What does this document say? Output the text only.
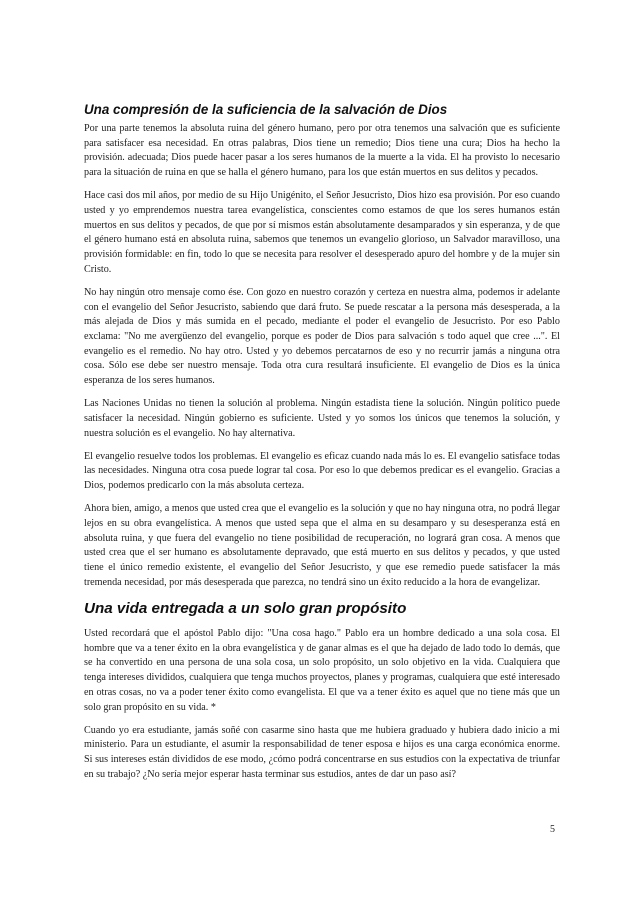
Una compresión de la suficiencia de la salvación de Dios

Por una parte tenemos la absoluta ruina del género humano, pero por otra tenemos una salvación que es suficiente para satisfacer esa necesidad. En otras palabras, Dios tiene un remedio; Dios tiene una cura; Dios ha hecho la provisión. adecuada; Dios puede hacer pasar a los seres humanos de la muerte a la vida. El ha provisto lo necesario para la situación de ruina en que se halla el género humano, para los que están muertos en sus delitos y pecados.

Hace casi dos mil años, por medio de su Hijo Unigénito, el Señor Jesucristo, Dios hizo esa provisión. Por eso cuando usted y yo emprendemos nuestra tarea evangelística, conscientes como estamos de que los seres humanos están muertos en sus delitos y pecados, de que por sí mismos están absolutamente desamparados y sin esperanza, y de que el género humano está en absoluta ruina, sabemos que tenemos un evangelio glorioso, un Salvador maravilloso, una provisión formidable: en fin, todo lo que se necesita para resolver el desesperado apuro del hombre y de la mujer sin Cristo.

No hay ningún otro mensaje como ése. Con gozo en nuestro corazón y certeza en nuestra alma, podemos ir adelante con el evangelio del Señor Jesucristo, sabiendo que dará fruto. Se puede rescatar a la persona más desesperada, a la más alejada de Dios y más sumida en el pecado, mediante el poder el evangelio de Jesucristo. Por eso Pablo exclama: "No me avergüenzo del evangelio, porque es poder de Dios para salvación s todo aquel que cree ...". El evangelio es el remedio. No hay otro. Usted y yo debemos percatarnos de eso y no recurrir jamás a ninguna otra cosa. Sólo ese debe ser nuestro mensaje. Toda otra cura resultará insuficiente. El evangelio de Dios es la única esperanza de los seres humanos.

Las Naciones Unidas no tienen la solución al problema. Ningún estadista tiene la solución. Ningún político puede satisfacer la necesidad. Ningún gobierno es suficiente. Usted y yo somos los únicos que tenemos la solución, y nuestra solución es el evangelio. No hay alternativa.

El evangelio resuelve todos los problemas. El evangelio es eficaz cuando nada más lo es. El evangelio satisface todas las necesidades. Ninguna otra cosa puede lograr tal cosa. Por eso lo que debemos predicar es el evangelio. Gracias a Dios, podemos predicarlo con la más absoluta certeza.

Ahora bien, amigo, a menos que usted crea que el evangelio es la solución y que no hay ninguna otra, no podrá llegar lejos en su obra evangelística. A menos que usted sepa que el alma en su desamparo y su desesperanza está en absoluta ruina, y que fuera del evangelio no tiene posibilidad de recuperación, no logrará gran cosa. A menos que usted crea que el ser humano es absolutamente depravado, que está muerto en sus delitos y pecados, y que usted tiene el único remedio existente, el evangelio del Señor Jesucristo, y que ese remedio puede satisfacer la más tremenda necesidad, por más desesperada que parezca, no tendrá sino un éxito reducido a la hora de evangelizar.

Una vida entregada a un solo gran propósito

Usted recordará que el apóstol Pablo dijo: "Una cosa hago." Pablo era un hombre dedicado a una sola cosa. El hombre que va a tener éxito en la obra evangelística y de ganar almas es el que ha dejado de lado todo lo demás, que se ha convertido en una persona de una sola cosa, un solo propósito, un solo objetivo en la vida. Cualquiera que tenga intereses divididos, cualquiera que tenga muchos proyectos, planes y programas, cualquiera que esté interesado en otras cosas, no va a poder tener éxito como evangelista. El que va a tener éxito es aquel que no tiene más que un solo gran propósito en su vida. *

Cuando yo era estudiante, jamás soñé con casarme sino hasta que me hubiera graduado y hubiera dado inicio a mi ministerio. Para un estudiante, el asumir la responsabilidad de tener esposa e hijos es una carga económica enorme. Si sus intereses están divididos de ese modo, ¿cómo podrá concentrarse en sus estudios con la expectativa de triunfar en su trabajo? ¿No sería mejor esperar hasta terminar sus estudios, antes de dar un paso así?

5
